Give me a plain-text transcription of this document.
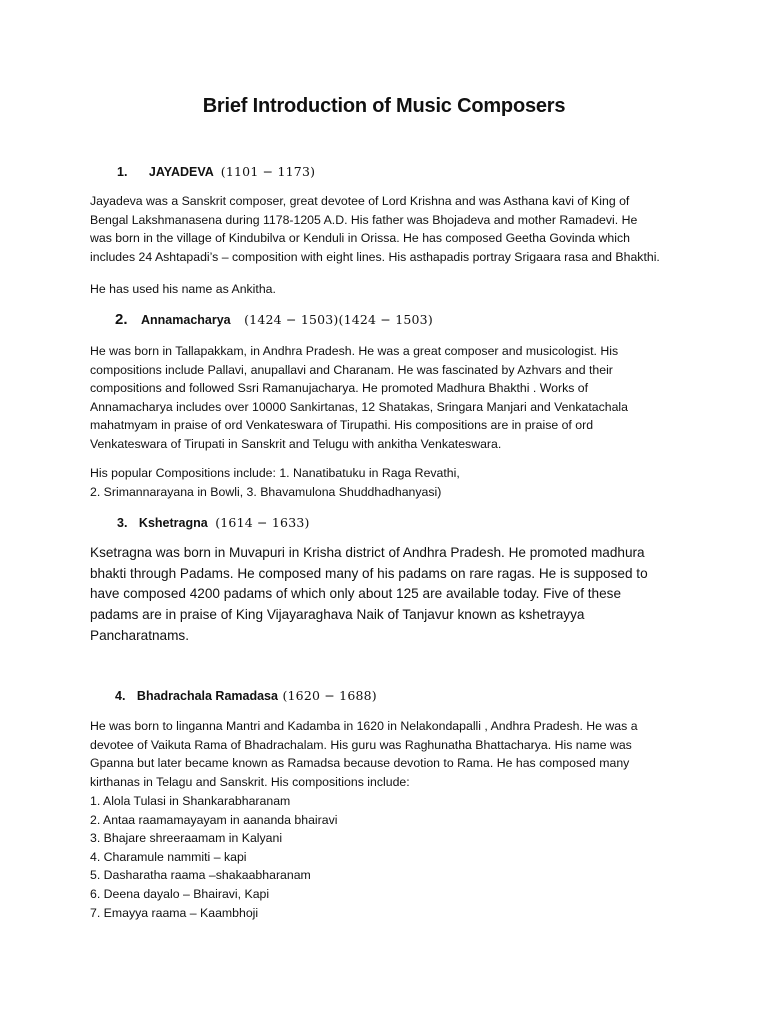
Brief Introduction of Music Composers
1. JAYADEVA (1101 − 1173)

Jayadeva was a Sanskrit composer, great devotee of Lord Krishna and was Asthana kavi of King of

Bengal Lakshmanasena during 1178-1205 A.D. His father was Bhojadeva and mother Ramadevi. He

was born in the village of Kindubilva or Kenduli in Orissa. He has composed Geetha Govinda which

includes 24 Ashtapadi’s – composition with eight lines. His asthapadis portray Srigaara rasa and Bhakthi.

He has used his name as Ankitha.

2. Annamacharya (1424 − 1503)(1424 − 1503)

He was born in Tallapakkam, in Andhra Pradesh. He was a great composer and musicologist. His

compositions include Pallavi, anupallavi and Charanam. He was fascinated by Azhvars and their

compositions and followed Ssri Ramanujacharya. He promoted Madhura Bhakthi . Works of

Annamacharya includes over 10000 Sankirtanas, 12 Shatakas, Sringara Manjari and Venkatachala

mahatmyam in praise of ord Venkateswara of Tirupathi. His compositions are in praise of ord

Venkateswara of Tirupati in Sanskrit and Telugu with ankitha Venkateswara.

His popular Compositions include: 1. Nanatibatuku in Raga Revathi,

2. Srimannarayana in Bowli, 3. Bhavamulona Shuddhadhanyasi)

3. Kshetragna (1614 − 1633)

Ksetragna was born in Muvapuri in Krisha district of Andhra Pradesh. He promoted madhura

bhakti through Padams. He composed many of his padams on rare ragas. He is supposed to

have composed 4200 padams of which only about 125 are available today. Five of these

padams are in praise of King Vijayaraghava Naik of Tanjavur known as kshetrayya

Pancharatnams.

4. Bhadrachala Ramadasa (1620 − 1688)

He was born to linganna Mantri and Kadamba in 1620 in Nelakondapalli , Andhra Pradesh. He was a

devotee of Vaikuta Rama of Bhadrachalam. His guru was Raghunatha Bhattacharya. His name was

Gpanna but later became known as Ramadsa because devotion to Rama. He has composed many

kirthanas in Telagu and Sanskrit. His compositions include:

1. Alola Tulasi in Shankarabharanam
2. Antaa raamamayayam in aananda bhairavi
3. Bhajare shreeraamam in Kalyani
4. Charamule nammiti – kapi
5. Dasharatha raama –shakaabharanam
6. Deena dayalo – Bhairavi, Kapi
7. Emayya raama – Kaambhoji
